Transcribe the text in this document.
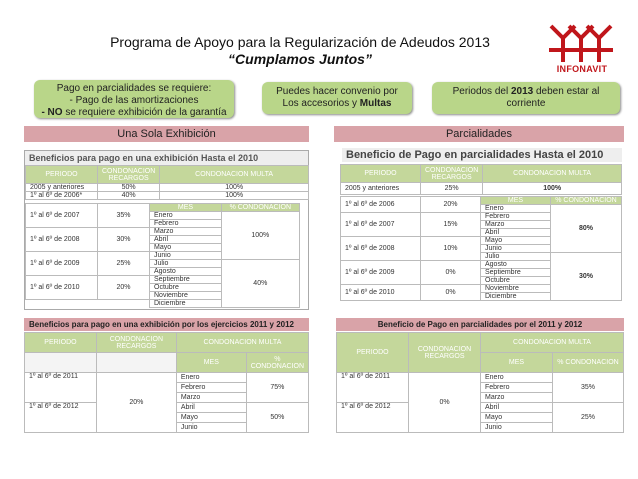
Programa de Apoyo para la Regularización de Adeudos 2013
“Cumplamos Juntos”
INFONAVIT
Pago en parcialidades se requiere:
- Pago de las amortizaciones
- NO se requiere exhibición de la garantía
Puedes hacer convenio por
Los accesorios y Multas
Periodos del 2013 deben estar al
corriente
Una Sola Exhibición	Parcialidades
Beneficios para pago en una exhibición Hasta el 2010
PERIODO	CONDONACION RECARGOS	CONDONACION MULTA
2005 y anteriores	50%	100%
1º al 6º de 2006*	40%	100%
1º al 6º de 2007	35%	MES	% CONDONACION	
		Enero	100%	
		Febrero		
1º al 6º de 2008	30%	Marzo		
		Abril		
		Mayo		
1º al 6º de 2009	25%	Junio		
		Julio	40%	
		Agosto		
1º al 6º de 2010	20%	Septiembre		
		Octubre		
		Noviembre		
		Diciembre		
Beneficio de Pago en parcialidades Hasta el 2010
PERIODO	CONDONACION RECARGOS	CONDONACION MULTA
2005 y anteriores	25%	100%
1º al 6º de 2006	20%	MES	% CONDONACION
		Enero	80%
1º al 6º de 2007	15%	Febrero	
		Marzo	
		Abril	
1º al 6º de 2008	10%	Mayo	
		Junio	
		Julio	30%
1º al 6º de 2009	0%	Agosto	
		Septiembre	
		Octubre	
1º al 6º de 2010	0%	Noviembre	
		Diciembre	
Beneficios para pago en una exhibición por los ejercicios 2011 y 2012
PERIODO	CONDONACION RECARGOS	CONDONACION MULTA	
		MES	% CONDONACION
1º al 6º de 2011	20%	Enero	75%
		Febrero	
		Marzo	
1º al 6º de 2012		Abril	50%
		Mayo	
		Junio	
Beneficio de Pago en parcialidades por el 2011 y 2012
PERIODO	CONDONACION RECARGOS	CONDONACION MULTA	
		MES	% CONDONACION
1º al 6º de 2011	0%	Enero	35%
		Febrero	
		Marzo	
1º al 6º de 2012		Abril	25%
		Mayo	
		Junio	
